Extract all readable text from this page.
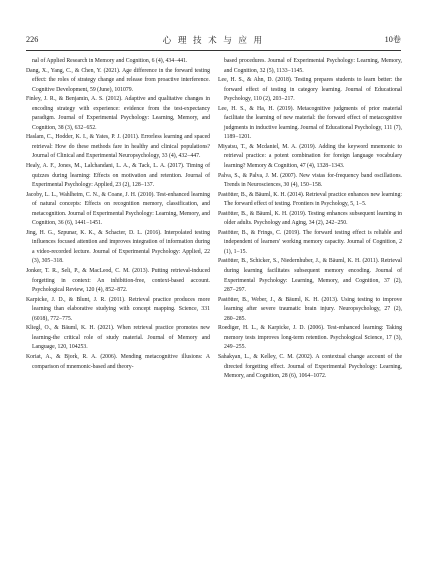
226	心 理 技 术 与 应 用	10卷

nal of Applied Research in Memory and Cognition, 6 (4), 434−441.

Dang, X., Yang, C., & Chen, Y. (2021). Age difference in the forward testing effect: the roles of strategy change and release from proactive interference. Cognitive Development, 59 (June), 101079.

Finley, J. R., & Benjamin, A. S. (2012). Adaptive and qualitative changes in encoding strategy with experience: evidence from the test-expectancy paradigm. Journal of Experimental Psychology: Learning, Memory, and Cognition, 38 (3), 632−652.

Haslam, C., Hodder, K. I., & Yates, P. J. (2011). Errorless learning and spaced retrieval: How do these methods fare in healthy and clinical populations? Journal of Clinical and Experimental Neuropsychology, 33 (4), 432−447.

Healy, A. F., Jones, M., Lalchandani, L. A., & Tack, L. A. (2017). Timing of quizzes during learning: Effects on motivation and retention. Journal of Experimental Psychology: Applied, 23 (2), 128−137.

Jacoby, L. L., Wahlheim, C. N., & Coane, J. H. (2010). Test-enhanced learning of natural concepts: Effects on recognition memory, classification, and metacognition. Journal of Experimental Psychology: Learning, Memory, and Cognition, 36 (6), 1441−1451.

Jing, H. G., Szpunar, K. K., & Schacter, D. L. (2016). Interpolated testing influences focused attention and improves integration of information during a video-recorded lecture. Journal of Experimental Psychology: Applied, 22 (3), 305−318.

Jonker, T. R., Seli, P., & MacLeod, C. M. (2013). Putting retrieval-induced forgetting in context: An inhibition-free, context-based account. Psychological Review, 120 (4), 852−872.

Karpicke, J. D., & Blunt, J. R. (2011). Retrieval practice produces more learning than elaborative studying with concept mapping. Science, 331 (6018), 772−775.

Kliegl, O., & Bäuml, K. H. (2021). When retrieval practice promotes new learning-the critical role of study material. Journal of Memory and Language, 120, 104253.

Koriat, A., & Bjork, R. A. (2006). Mending metacognitive illusions: A comparison of mnemonic-based and theory-

based procedures. Journal of Experimental Psychology: Learning, Memory, and Cognition, 32 (5), 1133−1145.

Lee, H. S., & Ahn, D. (2018). Testing prepares students to learn better: the forward effect of testing in category learning. Journal of Educational Psychology, 110 (2), 203−217.

Lee, H. S., & Ha, H. (2019). Metacognitive judgments of prior material facilitate the learning of new material: the forward effect of metacognitive judgments in inductive learning. Journal of Educational Psychology, 111 (7), 1189−1201.

Miyatsu, T., & Mcdaniel, M. A. (2019). Adding the keyword mnemonic to retrieval practice: a potent combination for foreign language vocabulary learning? Memory & Cognition, 47 (4), 1328−1343.

Palva, S., & Palva, J. M. (2007). New vistas for-frequency band oscillations. Trends in Neurosciences, 30 (4), 150−158.

Pastötter, B., & Bäuml, K. H. (2014). Retrieval practice enhances new learning: The forward effect of testing. Frontiers in Psychology, 5, 1−5.

Pastötter, B., & Bäuml, K. H. (2019). Testing enhances subsequent learning in older adults. Psychology and Aging, 34 (2), 242−250.

Pastötter, B., & Frings, C. (2019). The forward testing effect is reliable and independent of learners' working memory capacity. Journal of Cognition, 2 (1), 1−15.

Pastötter, B., Schicker, S., Niedernhuber, J., & Bäuml, K. H. (2011). Retrieval during learning facilitates subsequent memory encoding. Journal of Experimental Psychology: Learning, Memory, and Cognition, 37 (2), 287−297.

Pastötter, B., Weber, J., & Bäuml, K. H. (2013). Using testing to improve learning after severe traumatic brain injury. Neuropsychology, 27 (2), 280−285.

Roediger, H. L., & Karpicke, J. D. (2006). Test-enhanced learning: Taking memory tests improves long-term retention. Psychological Science, 17 (3), 249−255.

Sahakyan, L., & Kelley, C. M. (2002). A contextual change account of the directed forgetting effect. Journal of Experimental Psychology: Learning, Memory, and Cognition, 28 (6), 1064−1072.
